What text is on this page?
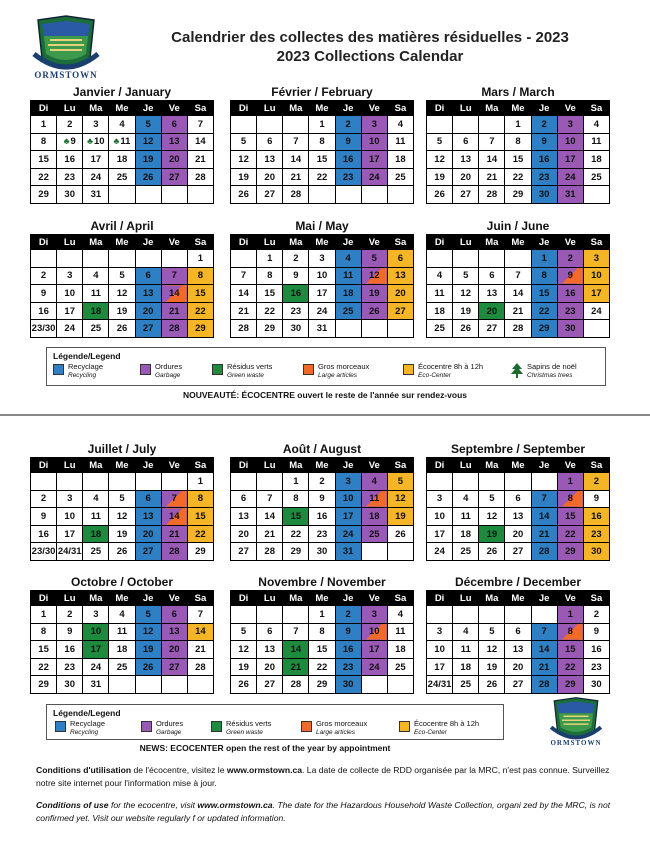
ORMSTOWN
ORMSTOWN
Calendrier des collectes des matières résiduelles - 2023
2023 Collections Calendar
Janvier / January
Di	Lu	Ma	Me	Je	Ve	Sa
1	2	3	4	5	6	7
8	♣9	♣10	♣11	12	13	14
15	16	17	18	19	20	21
22	23	24	25	26	27	28
29	30	31				
Février / February
Di	Lu	Ma	Me	Je	Ve	Sa
			1	2	3	4
5	6	7	8	9	10	11
12	13	14	15	16	17	18
19	20	21	22	23	24	25
26	27	28				
Mars / March
Di	Lu	Ma	Me	Je	Ve	Sa
			1	2	3	4
5	6	7	8	9	10	11
12	13	14	15	16	17	18
19	20	21	22	23	24	25
26	27	28	29	30	31	
Avril / April
Di	Lu	Ma	Me	Je	Ve	Sa
						1
2	3	4	5	6	7	8
9	10	11	12	13	14	15
16	17	18	19	20	21	22
23/30	24	25	26	27	28	29
Mai / May
Di	Lu	Ma	Me	Je	Ve	Sa
	1	2	3	4	5	6
7	8	9	10	11	12	13
14	15	16	17	18	19	20
21	22	23	24	25	26	27
28	29	30	31			
Juin / June
Di	Lu	Ma	Me	Je	Ve	Sa
				1	2	3
4	5	6	7	8	9	10
11	12	13	14	15	16	17
18	19	20	21	22	23	24
25	26	27	28	29	30	
Juillet / July
Di	Lu	Ma	Me	Je	Ve	Sa
						1
2	3	4	5	6	7	8
9	10	11	12	13	14	15
16	17	18	19	20	21	22
23/30	24/31	25	26	27	28	29
Août / August
Di	Lu	Ma	Me	Je	Ve	Sa
		1	2	3	4	5
6	7	8	9	10	11	12
13	14	15	16	17	18	19
20	21	22	23	24	25	26
27	28	29	30	31		
Septembre / September
Di	Lu	Ma	Me	Je	Ve	Sa
					1	2
3	4	5	6	7	8	9
10	11	12	13	14	15	16
17	18	19	20	21	22	23
24	25	26	27	28	29	30
Octobre / October
Di	Lu	Ma	Me	Je	Ve	Sa
1	2	3	4	5	6	7
8	9	10	11	12	13	14
15	16	17	18	19	20	21
22	23	24	25	26	27	28
29	30	31				
Novembre / November
Di	Lu	Ma	Me	Je	Ve	Sa
			1	2	3	4
5	6	7	8	9	10	11
12	13	14	15	16	17	18
19	20	21	22	23	24	25
26	27	28	29	30		
Décembre / December
Di	Lu	Ma	Me	Je	Ve	Sa
					1	2
3	4	5	6	7	8	9
10	11	12	13	14	15	16
17	18	19	20	21	22	23
24/31	25	26	27	28	29	30
Légende/Legend
Recyclage
Recycling
Ordures
Garbage
Résidus verts
Green waste
Gros morceaux
Large articles
Écocentre 8h à 12h
Eco-Center
Sapins de noël
Christmas trees
NOUVEAUTÉ: ÉCOCENTRE ouvert le reste de l'année sur rendez-vous
Légende/Legend
Recyclage
Recycling
Ordures
Garbage
Résidus verts
Green waste
Gros morceaux
Large articles
Écocentre 8h à 12h
Eco-Center
NEWS: ECOCENTER open the rest of the year by appointment
Conditions d'utilisation de l'écocentre, visitez le www.ormstown.ca. La date de collecte de RDD organisée par la MRC, n'est pas connue. Surveillez notre site internet pour l'information mise à jour.
Conditions of use for the ecocentre, visit www.ormstown.ca. The date for the Hazardous Household Waste Collection, organi zed by the MRC, is not confirmed yet. Visit our website regularly f or updated information.
